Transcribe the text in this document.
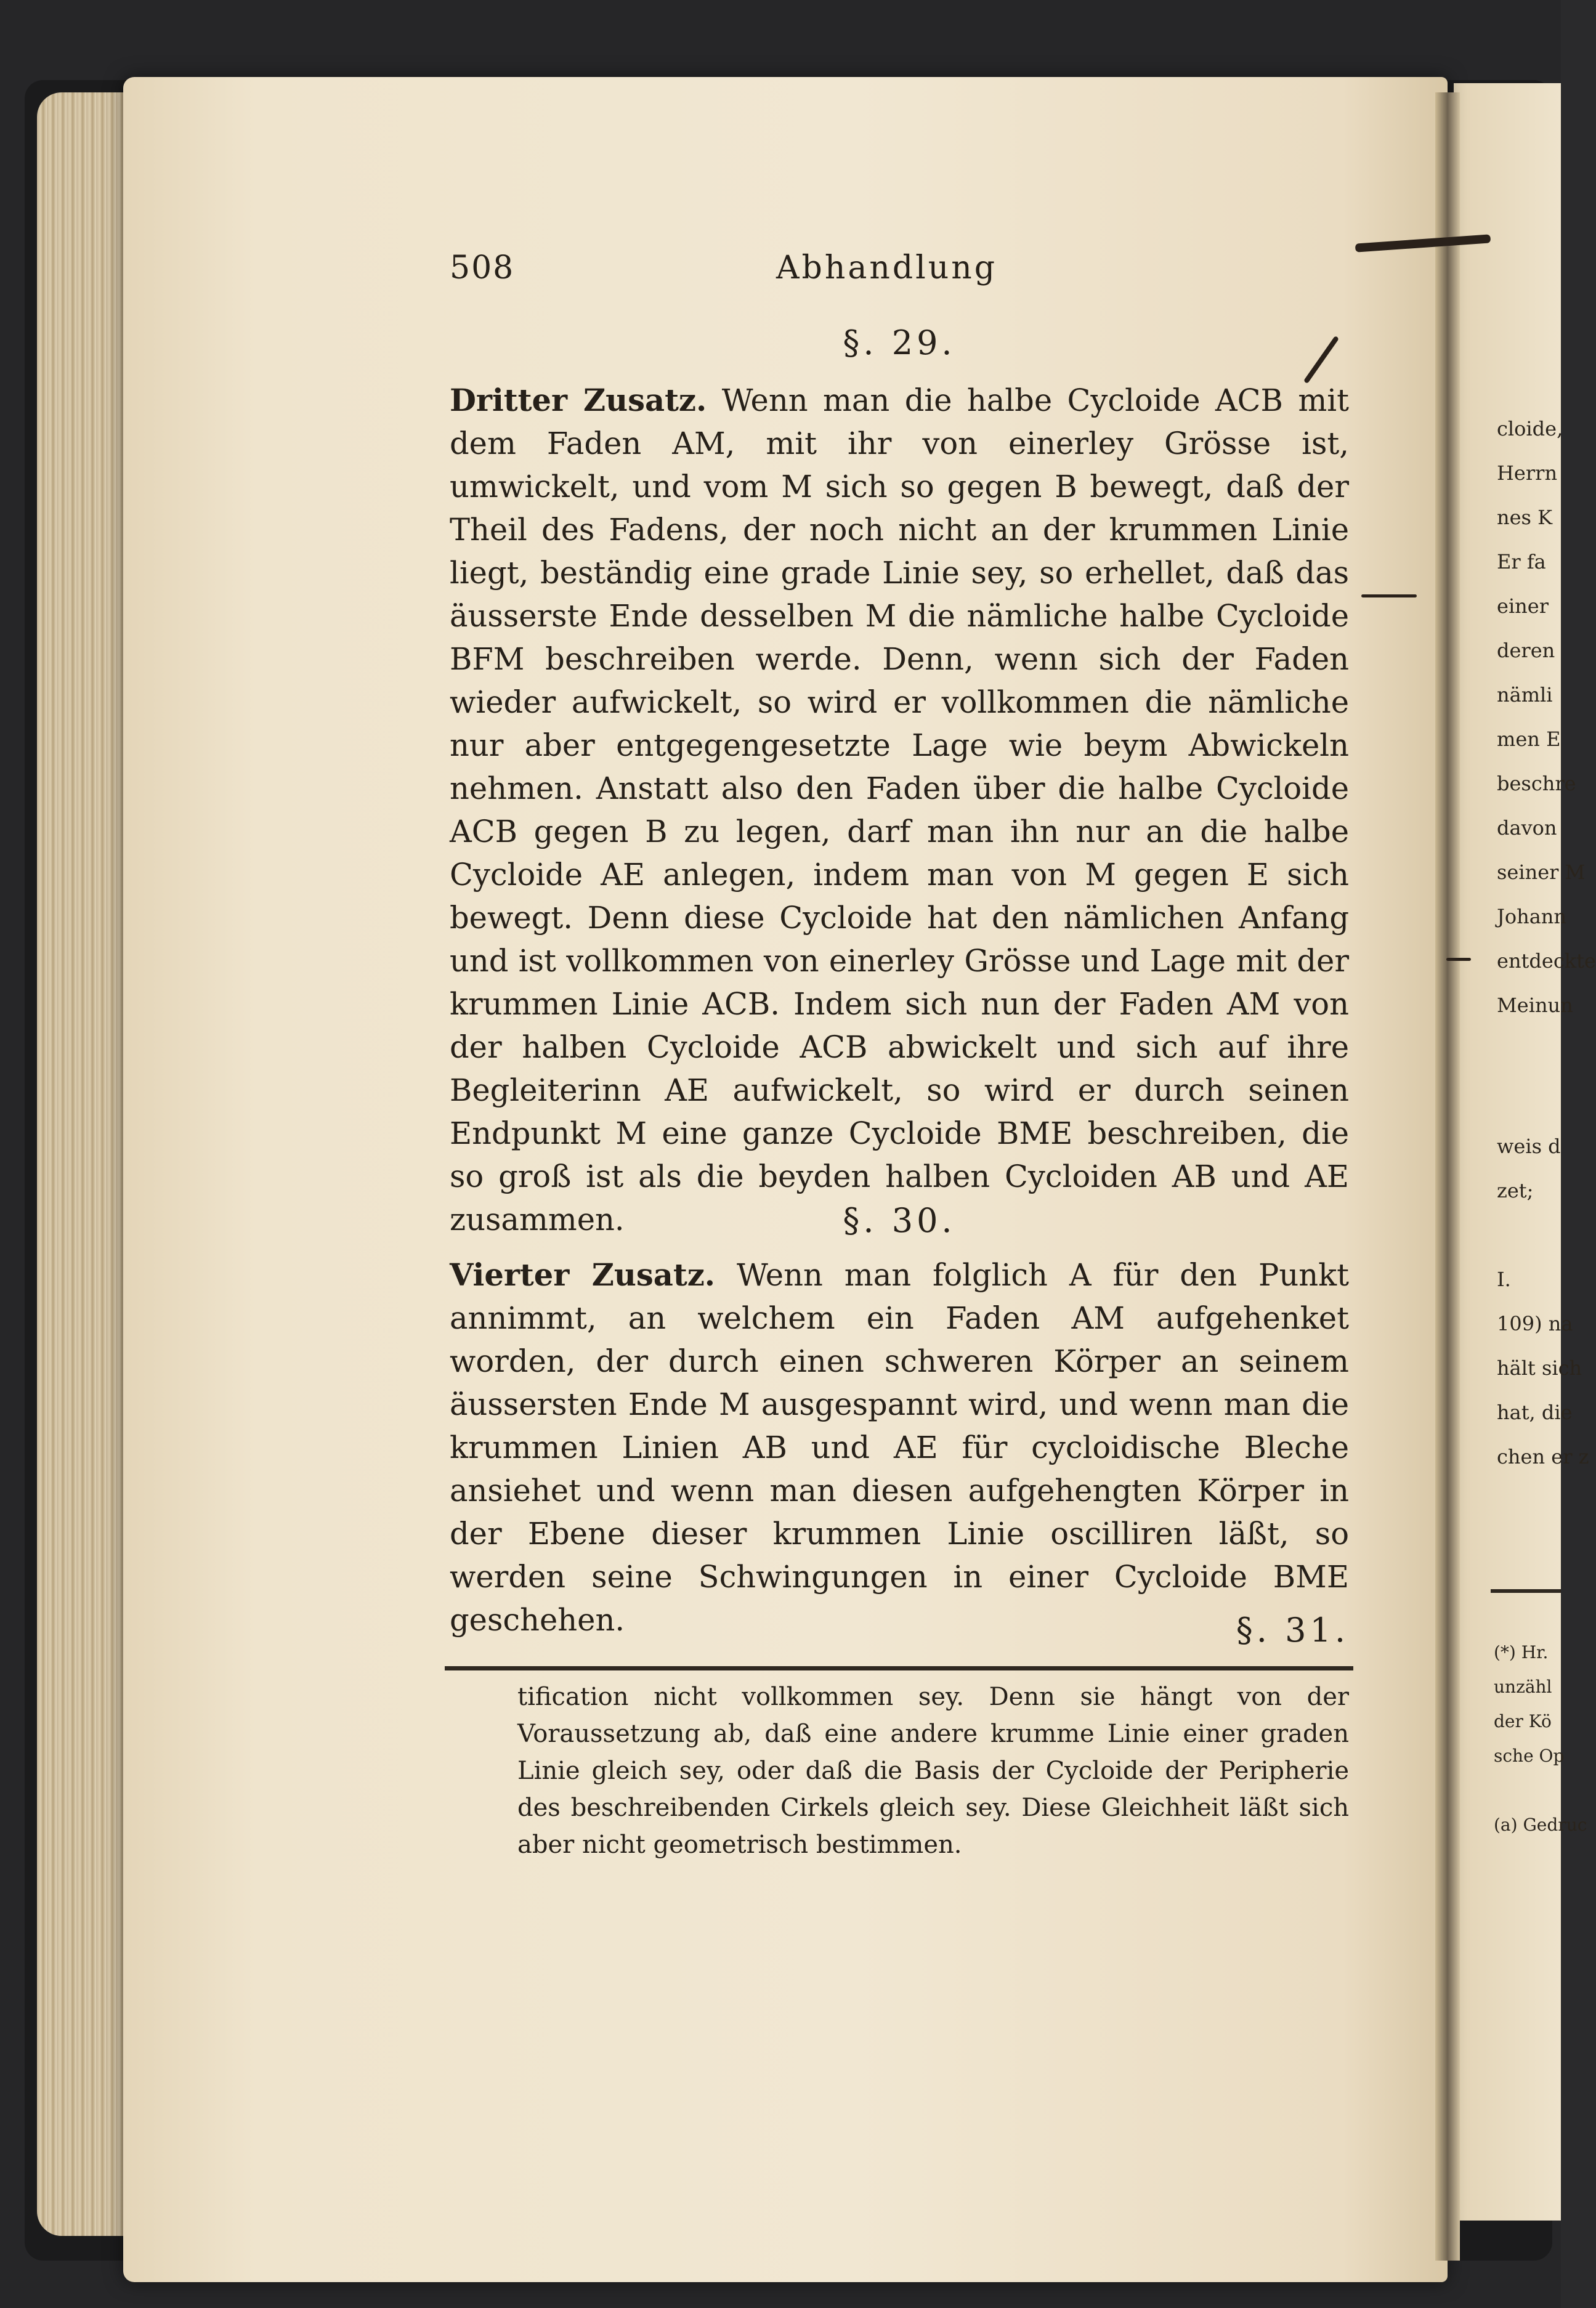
508	Abhandlung

§. 29.

Dritter Zusatz. Wenn man die halbe Cycloide ACB mit dem Faden AM, mit ihr von einerley Grösse ist, umwickelt, und vom M sich so gegen B bewegt, daß der Theil des Fadens, der noch nicht an der krummen Linie liegt, beständig eine grade Linie sey, so erhellet, daß das äusserste Ende desselben M die nämliche halbe Cycloide BFM beschreiben werde. Denn, wenn sich der Faden wieder aufwickelt, so wird er vollkommen die nämliche nur aber entgegengesetzte Lage wie beym Abwickeln nehmen. Anstatt also den Faden über die halbe Cycloide ACB gegen B zu legen, darf man ihn nur an die halbe Cycloide AE anlegen, indem man von M gegen E sich bewegt. Denn diese Cycloide hat den nämlichen Anfang und ist vollkommen von einerley Grösse und Lage mit der krummen Linie ACB. Indem sich nun der Faden AM von der halben Cycloide ACB abwickelt und sich auf ihre Begleiterinn AE aufwickelt, so wird er durch seinen Endpunkt M eine ganze Cycloide BME beschreiben, die so groß ist als die beyden halben Cycloiden AB und AE zusammen.	§. 30.

Vierter Zusatz. Wenn man folglich A für den Punkt annimmt, an welchem ein Faden AM aufgehenket worden, der durch einen schweren Körper an seinem äussersten Ende M ausgespannt wird, und wenn man die krummen Linien AB und AE für cycloidische Bleche ansiehet und wenn man diesen aufgehengten Körper in der Ebene dieser krummen Linie oscilliren läßt, so werden seine Schwingungen in einer Cycloide BME geschehen.	§. 31.

tification nicht vollkommen sey. Denn sie hängt von der Voraussetzung ab, daß eine andere krumme Linie einer graden Linie gleich sey, oder daß die Basis der Cycloide der Peripherie des beschreibenden Cirkels gleich sey. Diese Gleichheit läßt sich aber nicht geometrisch bestimmen.

cloide,
Herrn
nes K
Er fa
einer
deren
nämli
men E
beschre
davon
seiner M
Johann
entdeckte
Meinun
weis d
zet;

I.
109) na
hält sich
hat, die
chen er z
(*) Hr.
unzähl
der Kö
sche Op

(a) Gedruc
